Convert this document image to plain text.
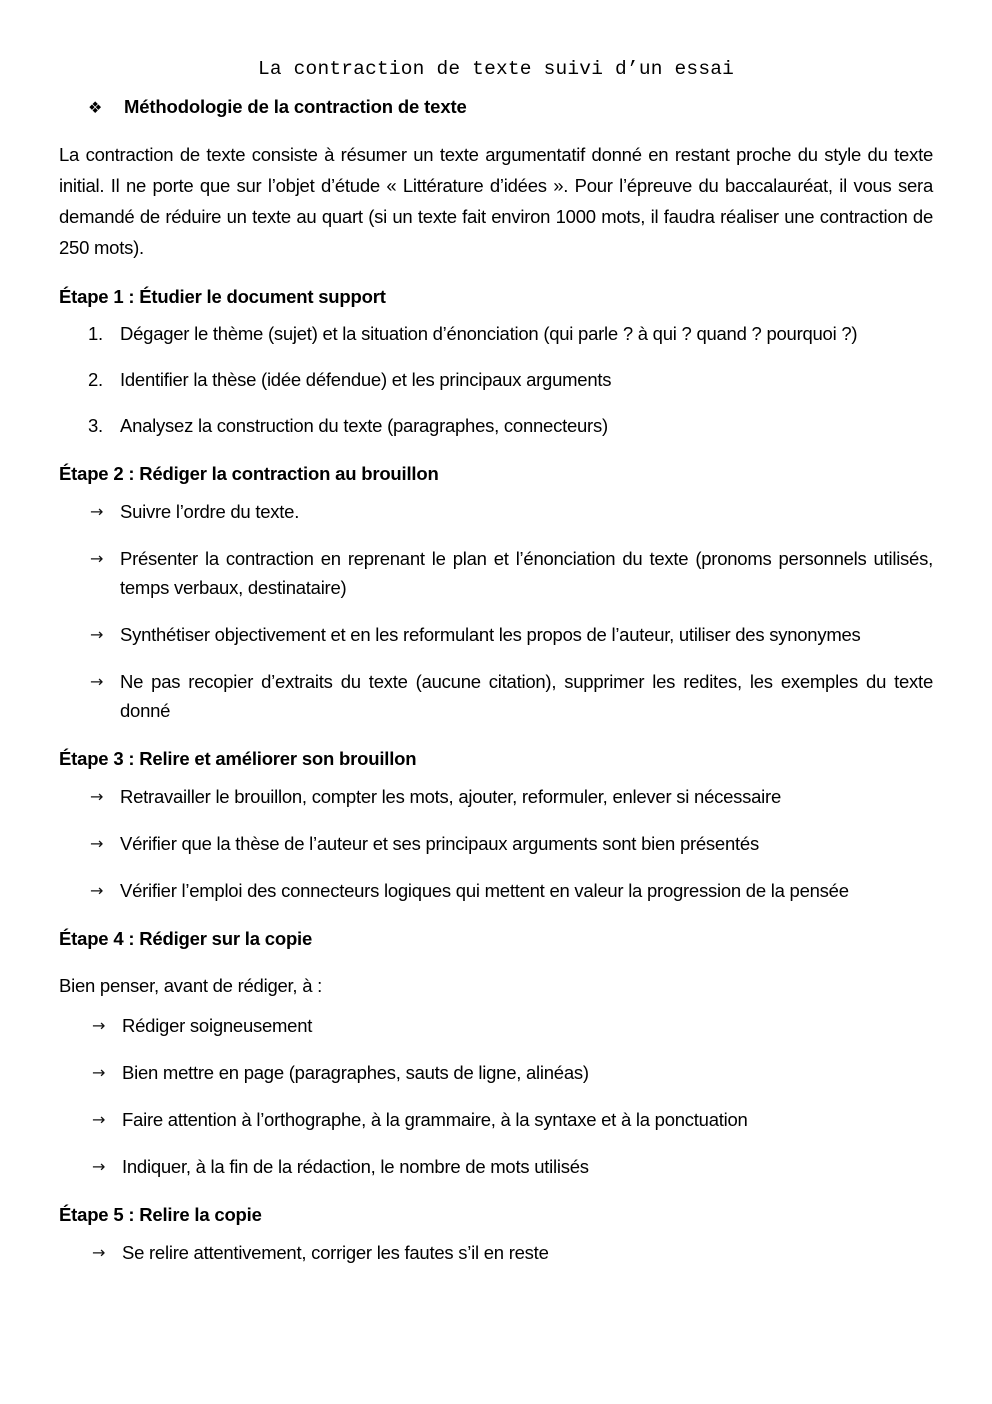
La contraction de texte suivi d’un essai
❖	Méthodologie de la contraction de texte

La contraction de texte consiste à résumer un texte argumentatif donné en restant proche du style du texte initial. Il ne porte que sur l’objet d’étude « Littérature d’idées ». Pour l’épreuve du baccalauréat, il vous sera demandé de réduire un texte au quart (si un texte fait environ 1000 mots, il faudra réaliser une contraction de 250 mots).

Étape 1 : Étudier le document support

1. Dégager le thème (sujet) et la situation d’énonciation (qui parle ? à qui ? quand ? pourquoi ?)
2. Identifier la thèse (idée défendue) et les principaux arguments
3. Analysez la construction du texte (paragraphes, connecteurs)

Étape 2 : Rédiger la contraction au brouillon

→ Suivre l’ordre du texte.
→ Présenter la contraction en reprenant le plan et l’énonciation du texte (pronoms personnels utilisés, temps verbaux, destinataire)
→ Synthétiser objectivement et en les reformulant les propos de l’auteur, utiliser des synonymes
→ Ne pas recopier d’extraits du texte (aucune citation), supprimer les redites, les exemples du texte donné

Étape 3 : Relire et améliorer son brouillon

→ Retravailler le brouillon, compter les mots, ajouter, reformuler, enlever si nécessaire
→ Vérifier que la thèse de l’auteur et ses principaux arguments sont bien présentés
→ Vérifier l’emploi des connecteurs logiques qui mettent en valeur la progression de la pensée

Étape 4 : Rédiger sur la copie

Bien penser, avant de rédiger, à :

→ Rédiger soigneusement
→ Bien mettre en page (paragraphes, sauts de ligne, alinéas)
→ Faire attention à l’orthographe, à la grammaire, à la syntaxe et à la ponctuation
→ Indiquer, à la fin de la rédaction, le nombre de mots utilisés

Étape 5 : Relire la copie

→ Se relire attentivement, corriger les fautes s’il en reste
